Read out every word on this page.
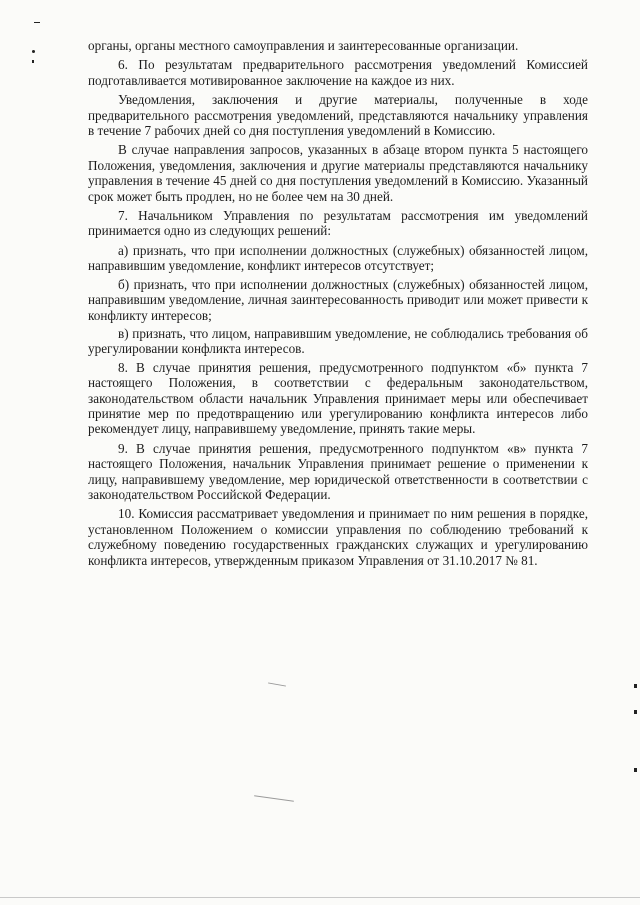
органы, органы местного самоуправления и заинтересованные организации.

6. По результатам предварительного рассмотрения уведомлений Комиссией подготавливается мотивированное заключение на каждое из них.

Уведомления, заключения и другие материалы, полученные в ходе предварительного рассмотрения уведомлений, представляются начальнику управления в течение 7 рабочих дней со дня поступления уведомлений в Комиссию.

В случае направления запросов, указанных в абзаце втором пункта 5 настоящего Положения, уведомления, заключения и другие материалы представляются начальнику управления в течение 45 дней со дня поступления уведомлений в Комиссию. Указанный срок может быть продлен, но не более чем на 30 дней.

7. Начальником Управления по результатам рассмотрения им уведомлений принимается одно из следующих решений:

а) признать, что при исполнении должностных (служебных) обязанностей лицом, направившим уведомление, конфликт интересов отсутствует;

б) признать, что при исполнении должностных (служебных) обязанностей лицом, направившим уведомление, личная заинтересованность приводит или может привести к конфликту интересов;

в) признать, что лицом, направившим уведомление, не соблюдались требования об урегулировании конфликта интересов.

8. В случае принятия решения, предусмотренного подпунктом «б» пункта 7 настоящего Положения, в соответствии с федеральным законодательством, законодательством области начальник Управления принимает меры или обеспечивает принятие мер по предотвращению или урегулированию конфликта интересов либо рекомендует лицу, направившему уведомление, принять такие меры.

9. В случае принятия решения, предусмотренного подпунктом «в» пункта 7 настоящего Положения, начальник Управления принимает решение о применении к лицу, направившему уведомление, мер юридической ответственности в соответствии с законодательством Российской Федерации.

10. Комиссия рассматривает уведомления и принимает по ним решения в порядке, установленном Положением о комиссии управления по соблюдению требований к служебному поведению государственных гражданских служащих и урегулированию конфликта интересов, утвержденным приказом Управления от 31.10.2017 № 81.
